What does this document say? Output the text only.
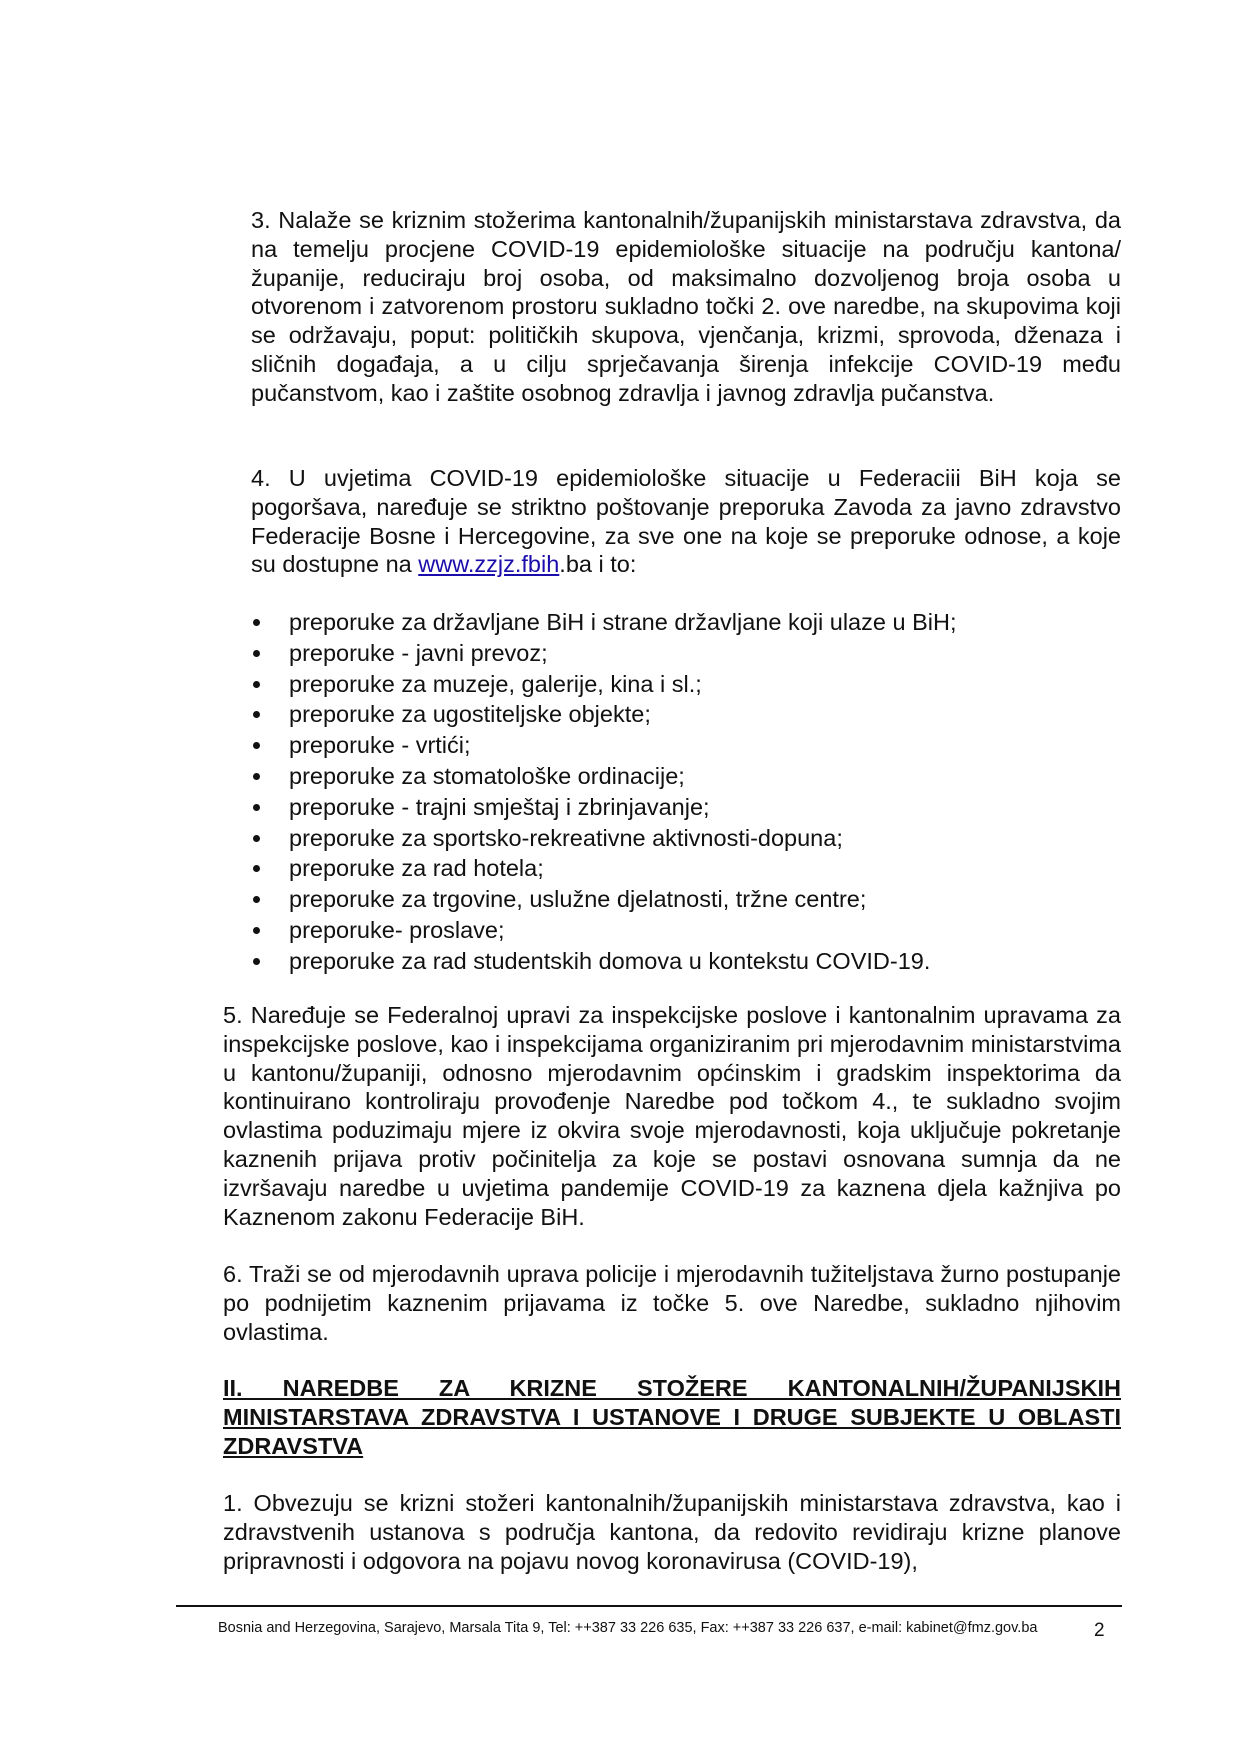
3. Nalaže se kriznim stožerima kantonalnih/županijskih ministarstava zdravstva, da na temelju procjene COVID-19 epidemiološke situacije na području kantona/županije, reduciraju broj osoba, od maksimalno dozvoljenog broja osoba u otvorenom i zatvorenom prostoru sukladno točki 2. ove naredbe, na skupovima koji se održavaju, poput: političkih skupova, vjenčanja, krizmi, sprovoda, dženaza i sličnih događaja, a u cilju sprječavanja širenja infekcije COVID-19 među pučanstvom, kao i zaštite osobnog zdravlja i javnog zdravlja pučanstva.

4. U uvjetima COVID-19 epidemiološke situacije u Federaciii BiH koja se pogoršava, naređuje se striktno poštovanje preporuka Zavoda za javno zdravstvo Federacije Bosne i Hercegovine, za sve one na koje se preporuke odnose, a koje su dostupne na www.zzjz.fbih.ba i to:

preporuke za državljane BiH i strane državljane koji ulaze u BiH;
preporuke - javni prevoz;
preporuke za muzeje, galerije, kina i sl.;
preporuke za ugostiteljske objekte;
preporuke - vrtići;
preporuke za stomatološke ordinacije;
preporuke - trajni smještaj i zbrinjavanje;
preporuke za sportsko-rekreativne aktivnosti-dopuna;
preporuke za rad hotela;
preporuke za trgovine, uslužne djelatnosti, tržne centre;
preporuke- proslave;
preporuke za rad studentskih domova u kontekstu COVID-19.

5. Naređuje se Federalnoj upravi za inspekcijske poslove i kantonalnim upravama za inspekcijske poslove, kao i inspekcijama organiziranim pri mjerodavnim ministarstvima u kantonu/županiji, odnosno mjerodavnim općinskim i gradskim inspektorima da kontinuirano kontroliraju provođenje Naredbe pod točkom 4., te sukladno svojim ovlastima poduzimaju mjere iz okvira svoje mjerodavnosti, koja uključuje pokretanje kaznenih prijava protiv počinitelja za koje se postavi osnovana sumnja da ne izvršavaju naredbe u uvjetima pandemije COVID-19 za kaznena djela kažnjiva po Kaznenom zakonu Federacije BiH.

6. Traži se od mjerodavnih uprava policije i mjerodavnih tužiteljstava žurno postupanje po podnijetim kaznenim prijavama iz točke 5. ove Naredbe, sukladno njihovim ovlastima.

II. NAREDBE ZA KRIZNE STOŽERE KANTONALNIH/ŽUPANIJSKIH MINISTARSTAVA ZDRAVSTVA I USTANOVE I DRUGE SUBJEKTE U OBLASTI ZDRAVSTVA

1. Obvezuju se krizni stožeri kantonalnih/županijskih ministarstava zdravstva, kao i zdravstvenih ustanova s područja kantona, da redovito revidiraju krizne planove pripravnosti i odgovora na pojavu novog koronavirusa (COVID-19),

Bosnia and Herzegovina, Sarajevo, Marsala Tita 9, Tel: ++387 33 226 635, Fax: ++387 33 226 637, e-mail: kabinet@fmz.gov.ba	2
